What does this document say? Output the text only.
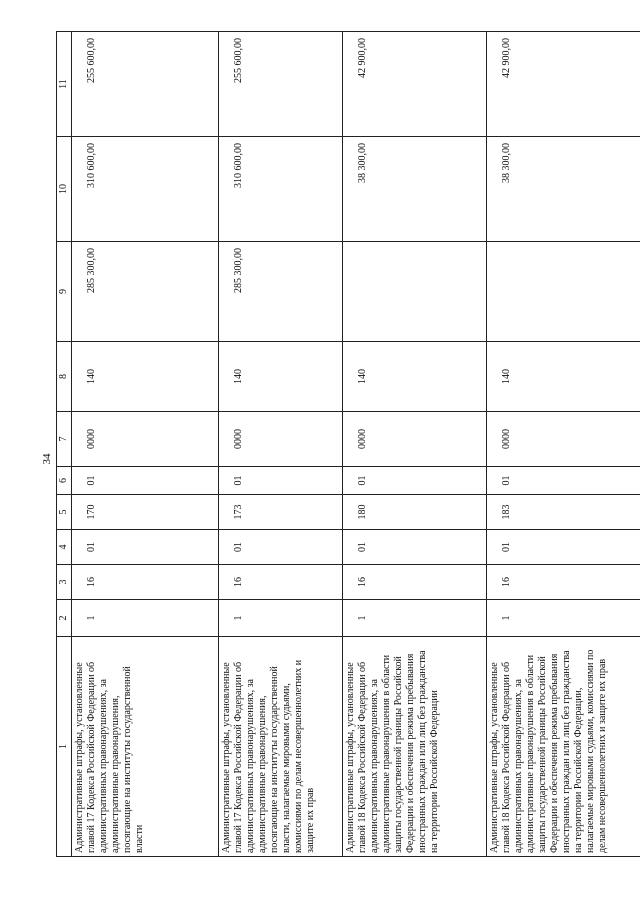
34
1	2	3	4	5	6	7	8	9	10	11
Административные штрафы, установленные главой 17 Кодекса Российской Федерации об административных правонарушениях, за административные правонарушения, посягающие на институты государственной власти	1	16	01	170	01	0000	140	285 300,00	310 600,00	255 600,00
Административные штрафы, установленные главой 17 Кодекса Российской Федерации об административных правонарушениях, за административные правонарушения, посягающие на институты государственной власти, налагаемые мировыми судьями, комиссиями по делам несовершеннолетних и защите их прав	1	16	01	173	01	0000	140	285 300,00	310 600,00	255 600,00
Административные штрафы, установленные главой 18 Кодекса Российской Федерации об административных правонарушениях, за административные правонарушения в области защиты государственной границы Российской Федерации и обеспечения режима пребывания иностранных граждан или лиц без гражданства на территории Российской Федерации	1	16	01	180	01	0000	140		38 300,00	42 900,00
Административные штрафы, установленные главой 18 Кодекса Российской Федерации об административных правонарушениях, за административные правонарушения в области защиты государственной границы Российской Федерации и обеспечения режима пребывания иностранных граждан или лиц без гражданства на территории Российской Федерации, налагаемые мировыми судьями, комиссиями по делам несовершеннолетних и защите их прав	1	16	01	183	01	0000	140		38 300,00	42 900,00
